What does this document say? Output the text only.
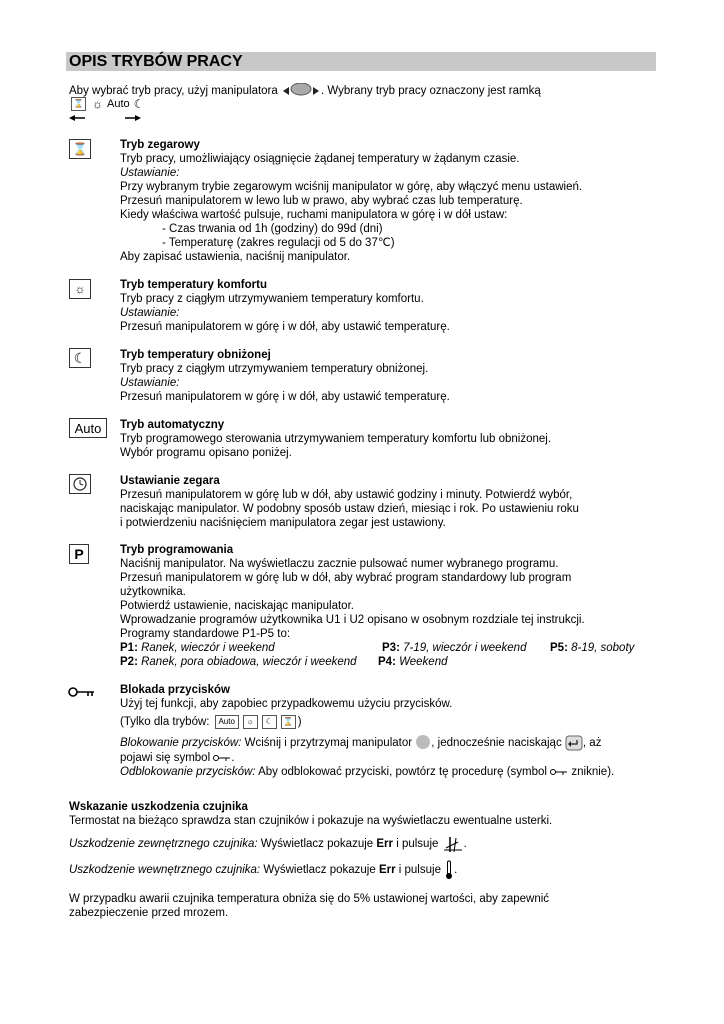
OPIS TRYBÓW PRACY
Aby wybrać tryb pracy, użyj manipulatora	. Wybrany tryb pracy oznaczony jest ramką
⌛ ☼ Auto ☾
⌛	Tryb zegarowy
Tryb pracy, umożliwiający osiągnięcie żądanej temperatury w żądanym czasie.
Ustawianie:
Przy wybranym trybie zegarowym wciśnij manipulator w górę, aby włączyć menu ustawień.
Przesuń manipulatorem w lewo lub w prawo, aby wybrać czas lub temperaturę.
Kiedy właściwa wartość pulsuje, ruchami manipulatora w górę i w dół ustaw:
- Czas trwania od 1h (godziny) do 99d (dni)
- Temperaturę (zakres regulacji od 5 do 37℃)
Aby zapisać ustawienia, naciśnij manipulator.
☼	Tryb temperatury komfortu
Tryb pracy z ciągłym utrzymywaniem temperatury komfortu.
Ustawianie:
Przesuń manipulatorem w górę i w dół, aby ustawić temperaturę.
☾	Tryb temperatury obniżonej
Tryb pracy z ciągłym utrzymywaniem temperatury obniżonej.
Ustawianie:
Przesuń manipulatorem w górę i w dół, aby ustawić temperaturę.
Auto	Tryb automatyczny
Tryb programowego sterowania utrzymywaniem temperatury komfortu lub obniżonej.
Wybór programu opisano poniżej.
Ustawianie zegara
Przesuń manipulatorem w górę lub w dół, aby ustawić godziny i minuty. Potwierdź wybór,
naciskając manipulator. W podobny sposób ustaw dzień, miesiąc i rok. Po ustawieniu roku
i potwierdzeniu naciśnięciem manipulatora zegar jest ustawiony.
P	Tryb programowania
Naciśnij manipulator. Na wyświetlaczu zacznie pulsować numer wybranego programu.
Przesuń manipulatorem w górę lub w dół, aby wybrać program standardowy lub program
użytkownika.
Potwierdź ustawienie, naciskając manipulator.
Wprowadzanie programów użytkownika U1 i U2 opisano w osobnym rozdziale tej instrukcji.
Programy standardowe P1-P5 to:
P1: Ranek, wieczór i weekend	P3: 7-19, wieczór i weekend	P5: 8-19, soboty
P2: Ranek, pora obiadowa, wieczór i weekend	P4: Weekend
Blokada przycisków
Użyj tej funkcji, aby zapobiec przypadkowemu użyciu przycisków.
(Tylko dla trybów: Auto ☼ ☾ ⌛ )
Blokowanie przycisków: Wciśnij i przytrzymaj manipulator , jednocześnie naciskając , aż
pojawi się symbol .
Odblokowanie przycisków: Aby odblokować przyciski, powtórz tę procedurę (symbol zniknie).
Wskazanie uszkodzenia czujnika
Termostat na bieżąco sprawdza stan czujników i pokazuje na wyświetlaczu ewentualne usterki.
Uszkodzenie zewnętrznego czujnika: Wyświetlacz pokazuje Err i pulsuje .
Uszkodzenie wewnętrznego czujnika: Wyświetlacz pokazuje Err i pulsuje .
W przypadku awarii czujnika temperatura obniża się do 5% ustawionej wartości, aby zapewnić
zabezpieczenie przed mrozem.
